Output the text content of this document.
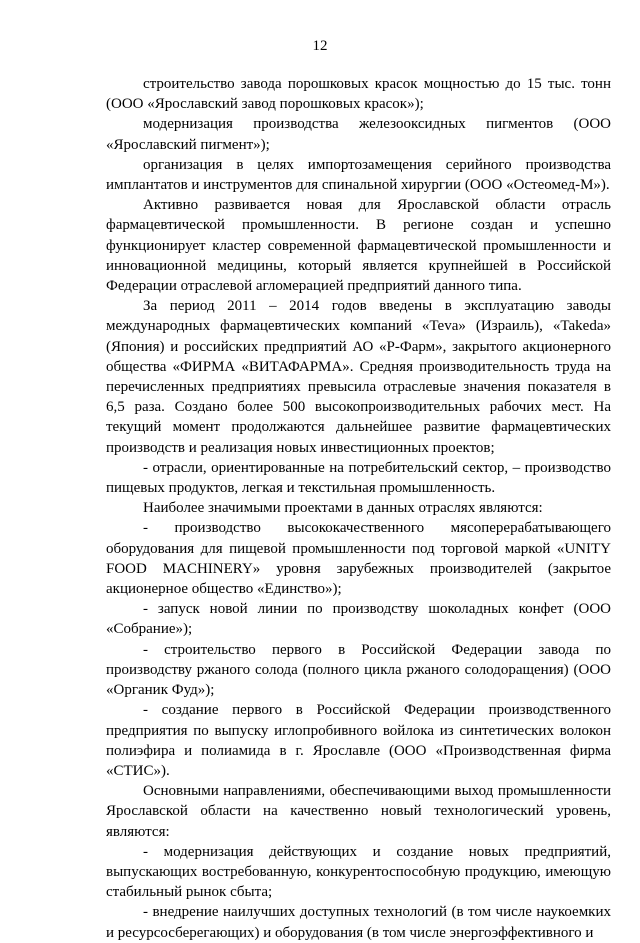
12

строительство завода порошковых красок мощностью до 15 тыс. тонн (ООО «Ярославский завод порошковых красок»);

модернизация производства железооксидных пигментов (ООО «Ярославский пигмент»);

организация в целях импортозамещения серийного производства имплантатов и инструментов для спинальной хирургии (ООО «Остеомед-М»).

Активно развивается новая для Ярославской области отрасль фармацевтической промышленности. В регионе создан и успешно функционирует кластер современной фармацевтической промышленности и инновационной медицины, который является крупнейшей в Российской Федерации отраслевой агломерацией предприятий данного типа.

За период 2011 – 2014 годов введены в эксплуатацию заводы международных фармацевтических компаний «Teva» (Израиль), «Takeda» (Япония) и российских предприятий АО «Р-Фарм», закрытого акционерного общества «ФИРМА «ВИТАФАРМА». Средняя производительность труда на перечисленных предприятиях превысила отраслевые значения показателя в 6,5 раза. Создано более 500 высокопроизводительных рабочих мест. На текущий момент продолжаются дальнейшее развитие фармацевтических производств и реализация новых инвестиционных проектов;

- отрасли, ориентированные на потребительский сектор, – производство пищевых продуктов, легкая и текстильная промышленность.

Наиболее значимыми проектами в данных отраслях являются:

- производство высококачественного мясоперерабатывающего оборудования для пищевой промышленности под торговой маркой «UNITY FOOD MACHINERY» уровня зарубежных производителей (закрытое акционерное общество «Единство»);

- запуск новой линии по производству шоколадных конфет (ООО «Собрание»);

- строительство первого в Российской Федерации завода по производству ржаного солода (полного цикла ржаного солодоращения) (ООО «Органик Фуд»);

- создание первого в Российской Федерации производственного предприятия по выпуску иглопробивного войлока из синтетических волокон полиэфира и полиамида в г. Ярославле (ООО «Производственная фирма «СТИС»).

Основными направлениями, обеспечивающими выход промышленности Ярославской области на качественно новый технологический уровень, являются:

- модернизация действующих и создание новых предприятий, выпускающих востребованную, конкурентоспособную продукцию, имеющую стабильный рынок сбыта;

- внедрение наилучших доступных технологий (в том числе наукоемких и ресурсосберегающих) и оборудования (в том числе энергоэффективного и
